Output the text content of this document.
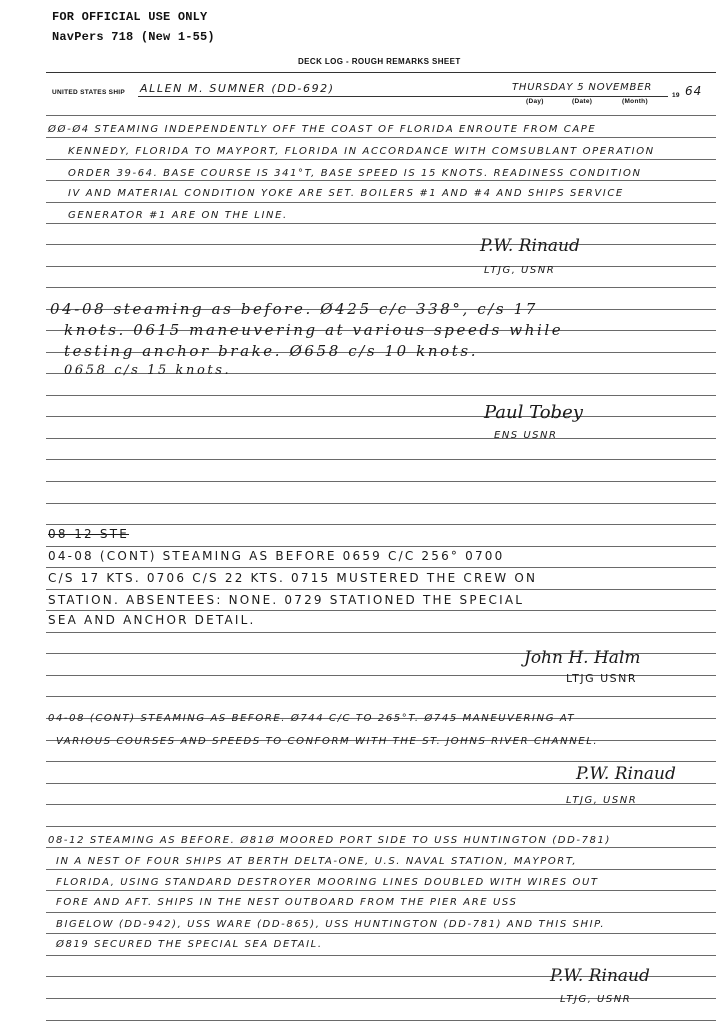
FOR OFFICIAL USE ONLY
NavPers 718 (New 1-55)
DECK LOG - ROUGH REMARKS SHEET
UNITED STATES SHIP ALLEN M. SUMNER (DD-692)	THURSDAY 5 NOVEMBER
19 64
(Day)	(Date)	(Month)
ØØ-Ø4 STEAMING INDEPENDENTLY OFF THE COAST OF FLORIDA ENROUTE FROM CAPE
KENNEDY, FLORIDA TO MAYPORT, FLORIDA IN ACCORDANCE WITH COMSUBLANT OPERATION
ORDER 39-64. BASE COURSE IS 341°T, BASE SPEED IS 15 KNOTS. READINESS CONDITION
IV AND MATERIAL CONDITION YOKE ARE SET. BOILERS #1 AND #4 AND SHIPS SERVICE
GENERATOR #1 ARE ON THE LINE.
P.W. Rinaud
LTJG, USNR
04-08 steaming as before. Ø425 c/c 338°, c/s 17
knots. 0615 maneuvering at various speeds while
testing anchor brake. Ø658 c/s 10 knots.
0658 c/s 15 knots.
Paul Tobey
ENS USNR
08-12 STE
04-08 (CONT) STEAMING AS BEFORE 0659 C/C 256° 0700
C/S 17 KTS. 0706 C/S 22 KTS. 0715 MUSTERED THE CREW ON
STATION. ABSENTEES: NONE. 0729 STATIONED THE SPECIAL
SEA AND ANCHOR DETAIL.
John H. Halm
LTJG USNR
04-08 (CONT) STEAMING AS BEFORE. Ø744 C/C TO 265°T. Ø745 MANEUVERING AT
VARIOUS COURSES AND SPEEDS TO CONFORM WITH THE ST. JOHNS RIVER CHANNEL.
P.W. Rinaud
LTJG, USNR
08-12 STEAMING AS BEFORE. Ø81Ø MOORED PORT SIDE TO USS HUNTINGTON (DD-781)
IN A NEST OF FOUR SHIPS AT BERTH DELTA-ONE, U.S. NAVAL STATION, MAYPORT,
FLORIDA, USING STANDARD DESTROYER MOORING LINES DOUBLED WITH WIRES OUT
FORE AND AFT. SHIPS IN THE NEST OUTBOARD FROM THE PIER ARE USS
BIGELOW (DD-942), USS WARE (DD-865), USS HUNTINGTON (DD-781) AND THIS SHIP.
Ø819 SECURED THE SPECIAL SEA DETAIL.
P.W. Rinaud
LTJG, USNR
